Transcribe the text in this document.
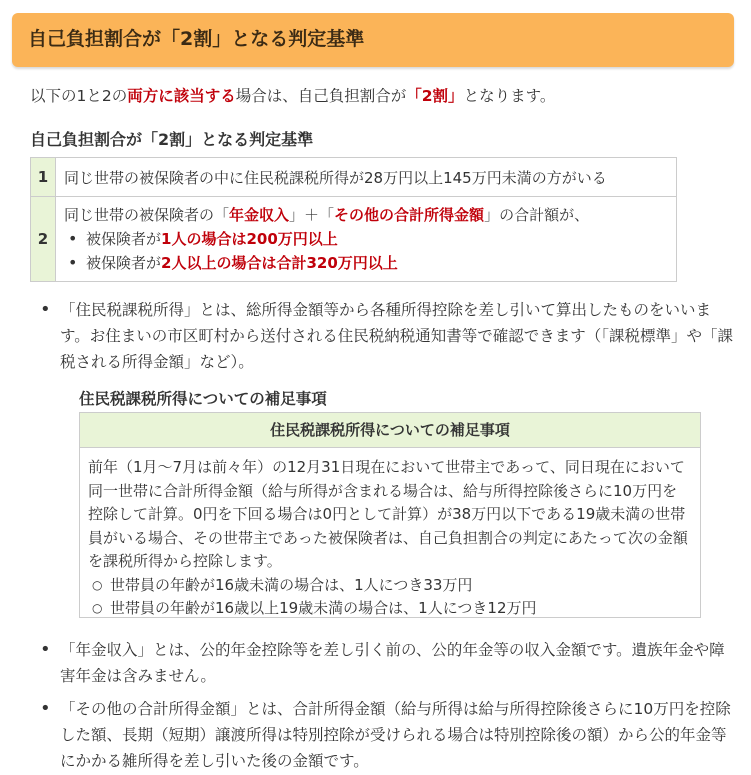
自己負担割合が「2割」となる判定基準
以下の1と2の両方に該当する場合は、自己負担割合が「2割」となります。
自己負担割合が「2割」となる判定基準
1	同じ世帯の被保険者の中に住民税課税所得が28万円以上145万円未満の方がいる
2	同じ世帯の被保険者の「年金収入」＋「その他の合計所得金額」の合計額が、
• 被保険者が1人の場合は200万円以上
• 被保険者が2人以上の場合は合計320万円以上
• 「住民税課税所得」とは、総所得金額等から各種所得控除を差し引いて算出したものをいいます。お住まいの市区町村から送付される住民税納税通知書等で確認できます（「課税標準」や「課税される所得金額」など）。
住民税課税所得についての補足事項
住民税課税所得についての補足事項
前年（1月～7月は前々年）の12月31日現在において世帯主であって、同日現在において同一世帯に合計所得金額（給与所得が含まれる場合は、給与所得控除後さらに10万円を控除して計算。0円を下回る場合は0円として計算）が38万円以下である19歳未満の世帯員がいる場合、その世帯主であった被保険者は、自己負担割合の判定にあたって次の金額を課税所得から控除します。
○ 世帯員の年齢が16歳未満の場合は、1人につき33万円
○ 世帯員の年齢が16歳以上19歳未満の場合は、1人につき12万円
• 「年金収入」とは、公的年金控除等を差し引く前の、公的年金等の収入金額です。遺族年金や障害年金は含みません。
• 「その他の合計所得金額」とは、合計所得金額（給与所得は給与所得控除後さらに10万円を控除した額、長期（短期）譲渡所得は特別控除が受けられる場合は特別控除後の額）から公的年金等にかかる雑所得を差し引いた後の金額です。
